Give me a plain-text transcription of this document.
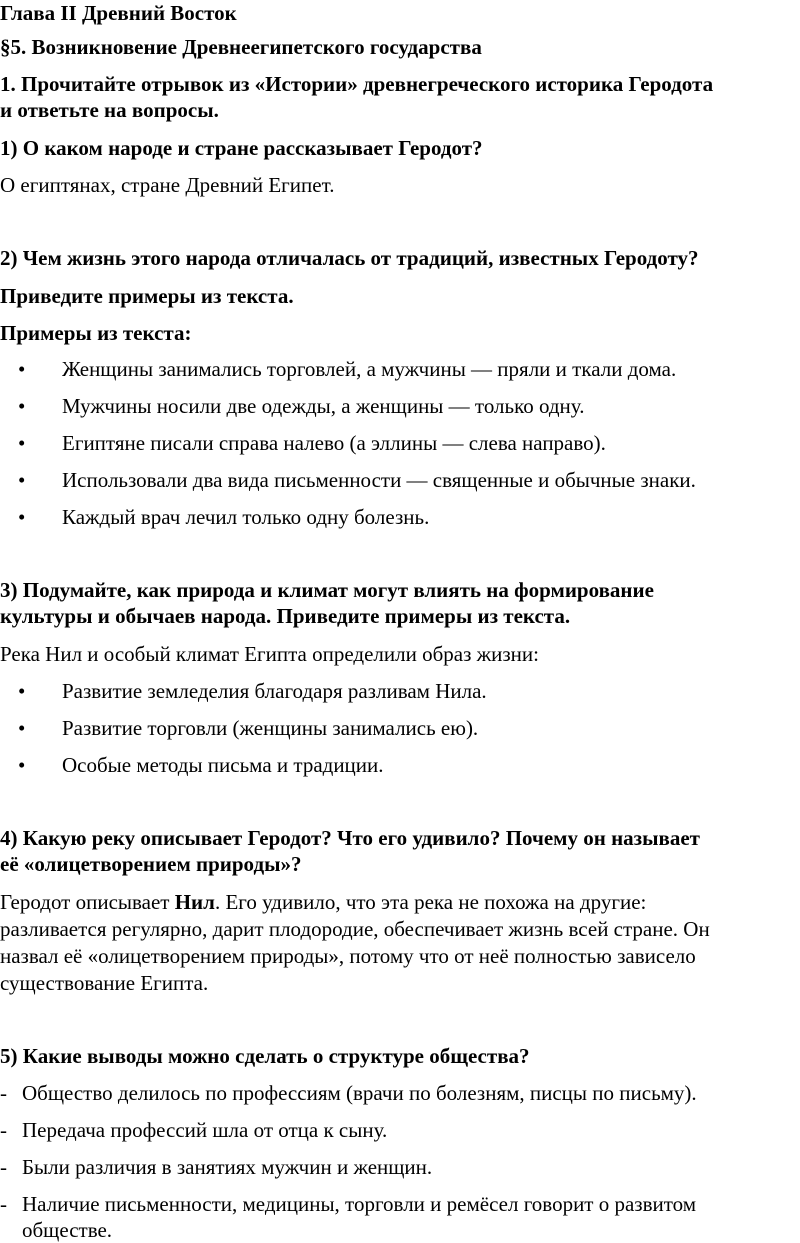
Глава II Древний Восток
§5. Возникновение Древнеегипетского государства
1. Прочитайте отрывок из «Истории» древнегреческого историка Геродота
и ответьте на вопросы.
1) О каком народе и стране рассказывает Геродот?
О египтянах, стране Древний Египет.
2) Чем жизнь этого народа отличалась от традиций, известных Геродоту?
Приведите примеры из текста.
Примеры из текста:
• Женщины занимались торговлей, а мужчины — пряли и ткали дома.
• Мужчины носили две одежды, а женщины — только одну.
• Египтяне писали справа налево (а эллины — слева направо).
• Использовали два вида письменности — священные и обычные знаки.
• Каждый врач лечил только одну болезнь.
3) Подумайте, как природа и климат могут влиять на формирование
культуры и обычаев народа. Приведите примеры из текста.
Река Нил и особый климат Египта определили образ жизни:
• Развитие земледелия благодаря разливам Нила.
• Развитие торговли (женщины занимались ею).
• Особые методы письма и традиции.
4) Какую реку описывает Геродот? Что его удивило? Почему он называет
её «олицетворением природы»?
Геродот описывает Нил. Его удивило, что эта река не похожа на другие:
разливается регулярно, дарит плодородие, обеспечивает жизнь всей стране. Он
назвал её «олицетворением природы», потому что от неё полностью зависело
существование Египта.
5) Какие выводы можно сделать о структуре общества?
- Общество делилось по профессиям (врачи по болезням, писцы по письму).
- Передача профессий шла от отца к сыну.
- Были различия в занятиях мужчин и женщин.
- Наличие письменности, медицины, торговли и ремёсел говорит о развитом
обществе.
